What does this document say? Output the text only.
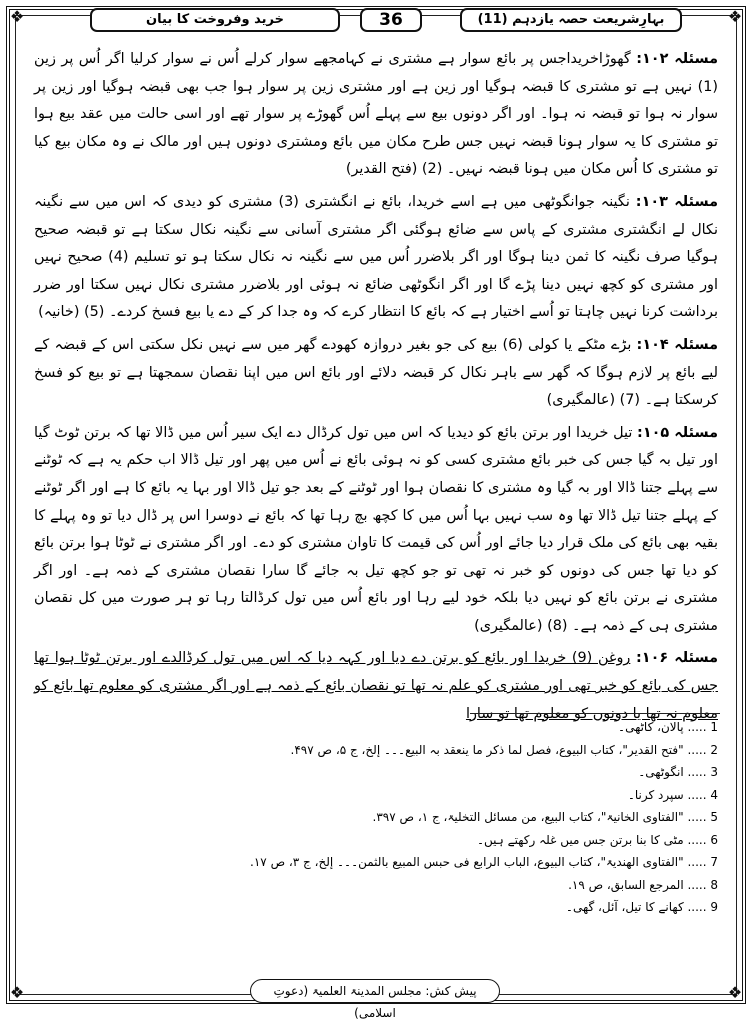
❖	❖
❖	❖
خرید وفروخت کا بیان	36	بہارِشریعت حصہ یازدہم (11)

مسئلہ ۱۰۲: گھوڑاخریداجس پر بائع سوار ہے مشتری نے کہامجھے سوار کرلے اُس نے سوار کرلیا اگر اُس پر زین (1) نہیں ہے تو مشتری کا قبضہ ہوگیا اور زین ہے اور مشتری زین پر سوار ہوا جب بھی قبضہ ہوگیا اور زین پر سوار نہ ہوا تو قبضہ نہ ہوا۔ اور اگر دونوں بیع سے پہلے اُس گھوڑے پر سوار تھے اور اسی حالت میں عقد بیع ہوا تو مشتری کا یہ سوار ہونا قبضہ نہیں جس طرح مکان میں بائع ومشتری دونوں ہیں اور مالک نے وہ مکان بیع کیا تو مشتری کا اُس مکان میں ہونا قبضہ نہیں۔ (2) (فتح القدیر)

مسئلہ ۱۰۳: نگینہ جوانگوٹھی میں ہے اسے خریدا، بائع نے انگشتری (3) مشتری کو دیدی کہ اس میں سے نگینہ نکال لے انگشتری مشتری کے پاس سے ضائع ہوگئی اگر مشتری آسانی سے نگینہ نکال سکتا ہے تو قبضہ صحیح ہوگیا صرف نگینہ کا ثمن دینا ہوگا اور اگر بلاضرر اُس میں سے نگینہ نہ نکال سکتا ہو تو تسلیم (4) صحیح نہیں اور مشتری کو کچھ نہیں دینا پڑے گا اور اگر انگوٹھی ضائع نہ ہوئی اور بلاضرر مشتری نکال نہیں سکتا اور ضرر برداشت کرنا نہیں چاہتا تو اُسے اختیار ہے کہ بائع کا انتظار کرے کہ وہ جدا کر کے دے یا بیع فسخ کردے۔ (5) (خانیہ)

مسئلہ ۱۰۴: بڑے مٹکے یا کولی (6) بیع کی جو بغیر دروازہ کھودے گھر میں سے نہیں نکل سکتی اس کے قبضہ کے لیے بائع پر لازم ہوگا کہ گھر سے باہر نکال کر قبضہ دلائے اور بائع اس میں اپنا نقصان سمجھتا ہے تو بیع کو فسخ کرسکتا ہے۔ (7) (عالمگیری)

مسئلہ ۱۰۵: تیل خریدا اور برتن بائع کو دیدیا کہ اس میں تول کرڈال دے ایک سیر اُس میں ڈالا تھا کہ برتن ٹوٹ گیا اور تیل بہ گیا جس کی خبر بائع مشتری کسی کو نہ ہوئی بائع نے اُس میں پھر اور تیل ڈالا اب حکم یہ ہے کہ ٹوٹنے سے پہلے جتنا ڈالا اور بہ گیا وہ مشتری کا نقصان ہوا اور ٹوٹنے کے بعد جو تیل ڈالا اور بہا یہ بائع کا ہے اور اگر ٹوٹنے کے پہلے جتنا تیل ڈالا تھا وہ سب نہیں بہا اُس میں کا کچھ بچ رہا تھا کہ بائع نے دوسرا اس پر ڈال دیا تو وہ پہلے کا بقیہ بھی بائع کی ملک قرار دیا جائے اور اُس کی قیمت کا تاوان مشتری کو دے۔ اور اگر مشتری نے ٹوٹا ہوا برتن بائع کو دیا تھا جس کی دونوں کو خبر نہ تھی تو جو کچھ تیل بہ جائے گا سارا نقصان مشتری کے ذمہ ہے۔ اور اگر مشتری نے برتن بائع کو نہیں دیا بلکہ خود لیے رہا اور بائع اُس میں تول کرڈالتا رہا تو ہر صورت میں کل نقصان مشتری ہی کے ذمہ ہے۔ (8) (عالمگیری)

مسئلہ ۱۰۶: روغن (9) خریدا اور بائع کو برتن دے دیا اور کہہ دیا کہ اس میں تول کرڈالدے اور برتن ٹوٹا ہوا تھا جس کی بائع کو خبر تھی اور مشتری کو علم نہ تھا تو نقصان بائع کے ذمہ ہے اور اگر مشتری کو معلوم تھا بائع کو معلوم نہ تھا یا دونوں کو معلوم تھا تو سارا

1 ..... پالان، کاٹھی۔
2 ..... "فتح القدیر"، کتاب البیوع، فصل لما ذکر ما ینعقد بہ البیع۔۔۔ إلخ، ج ۵، ص ۴۹۷.
3 ..... انگوٹھی۔
4 ..... سپرد کرنا۔
5 ..... "الفتاوی الخانیۃ"، کتاب البیع، من مسائل التخلیۃ، ج ۱، ص ۳۹۷.
6 ..... مٹی کا بنا برتن جس میں غلہ رکھتے ہیں۔
7 ..... "الفتاوی الھندیۃ"، کتاب البیوع، الباب الرابع فی حبس المبیع بالثمن۔۔۔ إلخ، ج ۳، ص ۱۷.
8 ..... المرجع السابق، ص ۱۹.
9 ..... کھانے کا تیل، آئل، گھی۔
پیش کش: مجلس المدینۃ العلمیۃ (دعوتِ اسلامی)
